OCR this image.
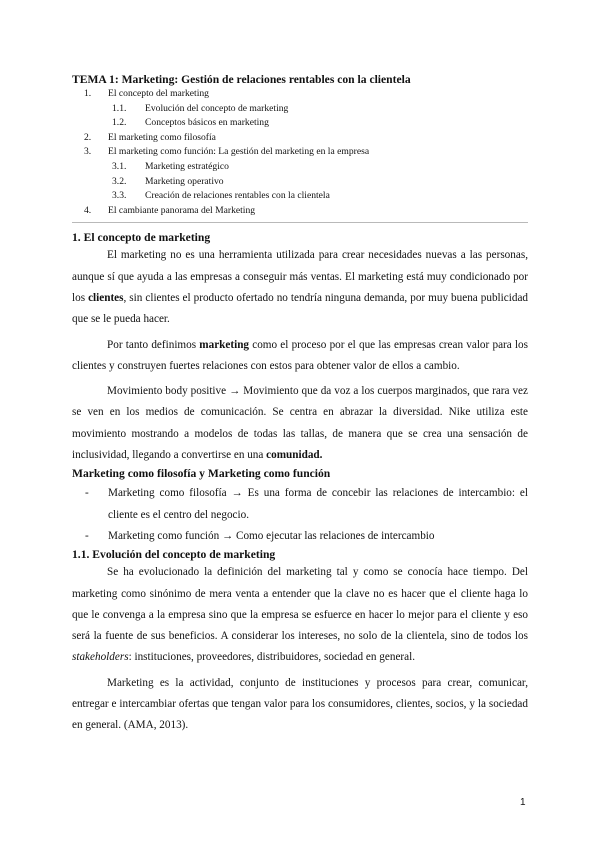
TEMA 1: Marketing: Gestión de relaciones rentables con la clientela
1. El concepto del marketing
1.1. Evolución del concepto de marketing
1.2. Conceptos básicos en marketing
2. El marketing como filosofía
3. El marketing como función: La gestión del marketing en la empresa
3.1. Marketing estratégico
3.2. Marketing operativo
3.3. Creación de relaciones rentables con la clientela
4. El cambiante panorama del Marketing
1. El concepto de marketing

El marketing no es una herramienta utilizada para crear necesidades nuevas a las personas, aunque sí que ayuda a las empresas a conseguir más ventas. El marketing está muy condicionado por los clientes, sin clientes el producto ofertado no tendría ninguna demanda, por muy buena publicidad que se le pueda hacer.

Por tanto definimos marketing como el proceso por el que las empresas crean valor para los clientes y construyen fuertes relaciones con estos para obtener valor de ellos a cambio.

Movimiento body positive → Movimiento que da voz a los cuerpos marginados, que rara vez se ven en los medios de comunicación. Se centra en abrazar la diversidad. Nike utiliza este movimiento mostrando a modelos de todas las tallas, de manera que se crea una sensación de inclusividad, llegando a convertirse en una comunidad.

Marketing como filosofía y Marketing como función
- Marketing como filosofía → Es una forma de concebir las relaciones de intercambio: el cliente es el centro del negocio.
- Marketing como función → Como ejecutar las relaciones de intercambio
1.1. Evolución del concepto de marketing

Se ha evolucionado la definición del marketing tal y como se conocía hace tiempo. Del marketing como sinónimo de mera venta a entender que la clave no es hacer que el cliente haga lo que le convenga a la empresa sino que la empresa se esfuerce en hacer lo mejor para el cliente y eso será la fuente de sus beneficios. A considerar los intereses, no solo de la clientela, sino de todos los stakeholders: instituciones, proveedores, distribuidores, sociedad en general.

Marketing es la actividad, conjunto de instituciones y procesos para crear, comunicar, entregar e intercambiar ofertas que tengan valor para los consumidores, clientes, socios, y la sociedad en general. (AMA, 2013).

1
